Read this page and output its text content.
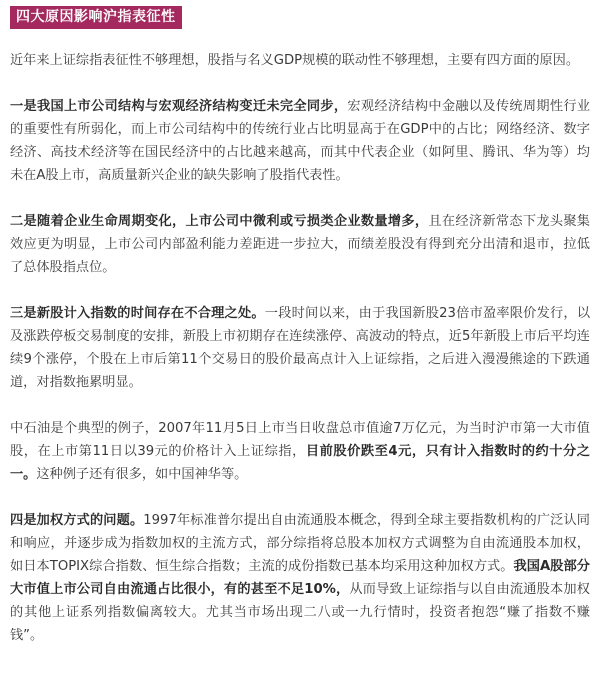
四大原因影响沪指表征性

近年来上证综指表征性不够理想，股指与名义GDP规模的联动性不够理想，主要有四方面的原因。

一是我国上市公司结构与宏观经济结构变迁未完全同步，宏观经济结构中金融以及传统周期性行业的重要性有所弱化，而上市公司结构中的传统行业占比明显高于在GDP中的占比；网络经济、数字经济、高技术经济等在国民经济中的占比越来越高，而其中代表企业（如阿里、腾讯、华为等）均未在A股上市，高质量新兴企业的缺失影响了股指代表性。

二是随着企业生命周期变化，上市公司中微利或亏损类企业数量增多，且在经济新常态下龙头聚集效应更为明显，上市公司内部盈利能力差距进一步拉大，而绩差股没有得到充分出清和退市，拉低了总体股指点位。

三是新股计入指数的时间存在不合理之处。一段时间以来，由于我国新股23倍市盈率限价发行，以及涨跌停板交易制度的安排，新股上市初期存在连续涨停、高波动的特点，近5年新股上市后平均连续9个涨停，个股在上市后第11个交易日的股价最高点计入上证综指，之后进入漫漫熊途的下跌通道，对指数拖累明显。

中石油是个典型的例子，2007年11月5日上市当日收盘总市值逾7万亿元，为当时沪市第一大市值股，在上市第11日以39元的价格计入上证综指，目前股价跌至4元，只有计入指数时的约十分之一。这种例子还有很多，如中国神华等。

四是加权方式的问题。1997年标准普尔提出自由流通股本概念，得到全球主要指数机构的广泛认同和响应，并逐步成为指数加权的主流方式，部分综指将总股本加权方式调整为自由流通股本加权，如日本TOPIX综合指数、恒生综合指数；主流的成份指数已基本均采用这种加权方式。我国A股部分大市值上市公司自由流通占比很小，有的甚至不足10%，从而导致上证综指与以自由流通股本加权的其他上证系列指数偏离较大。尤其当市场出现二八或一九行情时，投资者抱怨“赚了指数不赚钱”。
